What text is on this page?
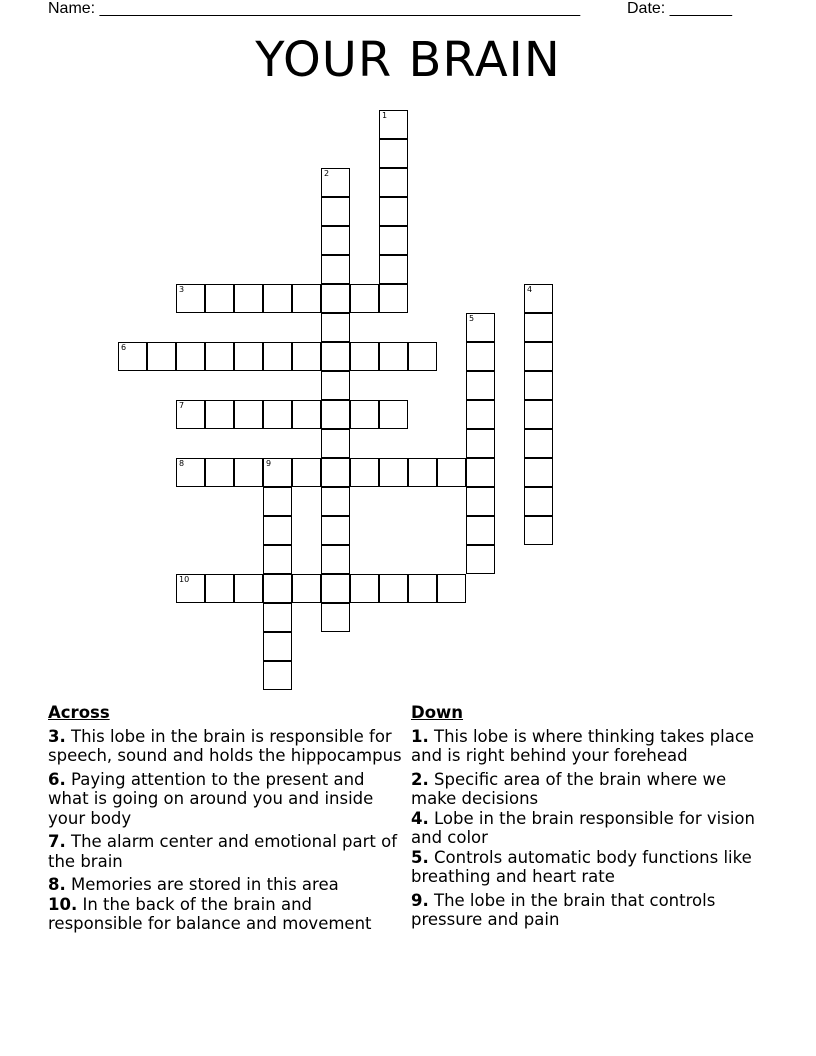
Name: ______________________________________________________	Date: _______
YOUR BRAIN
1
2
3	4
5
6
7
8	9
10
Across
3. This lobe in the brain is responsible for speech, sound and holds the hippocampus
6. Paying attention to the present and what is going on around you and inside your body
7. The alarm center and emotional part of the brain
8. Memories are stored in this area
10. In the back of the brain and responsible for balance and movement
Down
1. This lobe is where thinking takes place and is right behind your forehead
2. Specific area of the brain where we make decisions
4. Lobe in the brain responsible for vision and color
5. Controls automatic body functions like breathing and heart rate
9. The lobe in the brain that controls pressure and pain
